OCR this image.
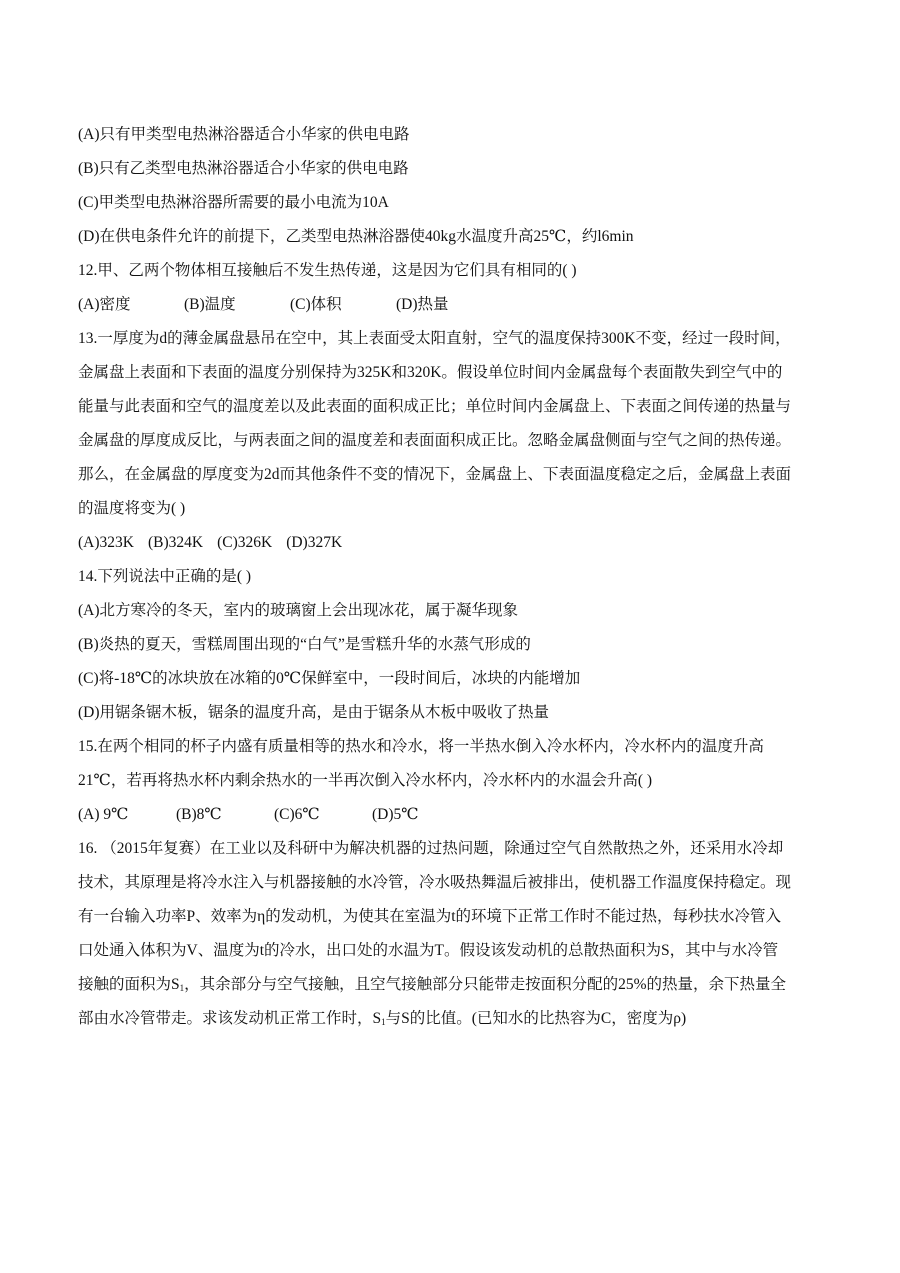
(A)只有甲类型电热淋浴器适合小华家的供电电路
(B)只有乙类型电热淋浴器适合小华家的供电电路
(C)甲类型电热淋浴器所需要的最小电流为10A
(D)在供电条件允许的前提下，乙类型电热淋浴器使40kg水温度升高25℃，约l6min
12.甲、乙两个物体相互接触后不发生热传递，这是因为它们具有相同的( )
(A)密度	(B)温度	(C)体积	(D)热量
13.一厚度为d的薄金属盘悬吊在空中，其上表面受太阳直射，空气的温度保持300K不变，经过一段时间，
金属盘上表面和下表面的温度分别保持为325K和320K。假设单位时间内金属盘每个表面散失到空气中的
能量与此表面和空气的温度差以及此表面的面积成正比；单位时间内金属盘上、下表面之间传递的热量与
金属盘的厚度成反比，与两表面之间的温度差和表面面积成正比。忽略金属盘侧面与空气之间的热传递。
那么，在金属盘的厚度变为2d而其他条件不变的情况下，金属盘上、下表面温度稳定之后，金属盘上表面
的温度将变为( )
(A)323K (B)324K (C)326K (D)327K
14.下列说法中正确的是( )
(A)北方寒冷的冬天，室内的玻璃窗上会出现冰花，属于凝华现象
(B)炎热的夏天，雪糕周围出现的“白气”是雪糕升华的水蒸气形成的
(C)将-18℃的冰块放在冰箱的0℃保鲜室中，一段时间后，冰块的内能增加
(D)用锯条锯木板，锯条的温度升高，是由于锯条从木板中吸收了热量
15.在两个相同的杯子内盛有质量相等的热水和冷水，将一半热水倒入冷水杯内，冷水杯内的温度升高
21℃，若再将热水杯内剩余热水的一半再次倒入冷水杯内，冷水杯内的水温会升高( )
(A) 9℃	(B)8℃	(C)6℃	(D)5℃
16. （2015年复赛）在工业以及科研中为解决机器的过热问题，除通过空气自然散热之外，还采用水冷却
技术，其原理是将冷水注入与机器接触的水冷管，冷水吸热舞温后被排出，使机器工作温度保持稳定。现
有一台输入功率P、效率为η的发动机，为使其在室温为t的环境下正常工作时不能过热，每秒扶水冷管入
口处通入体积为V、温度为t的冷水，出口处的水温为T。假设该发动机的总散热面积为S，其中与水冷管
接触的面积为$S_1$，其余部分与空气接触，且空气接触部分只能带走按面积分配的25%的热量，余下热量全
部由水冷管带走。求该发动机正常工作时，$S_1$与S的比值。(已知水的比热容为C，密度为ρ)
